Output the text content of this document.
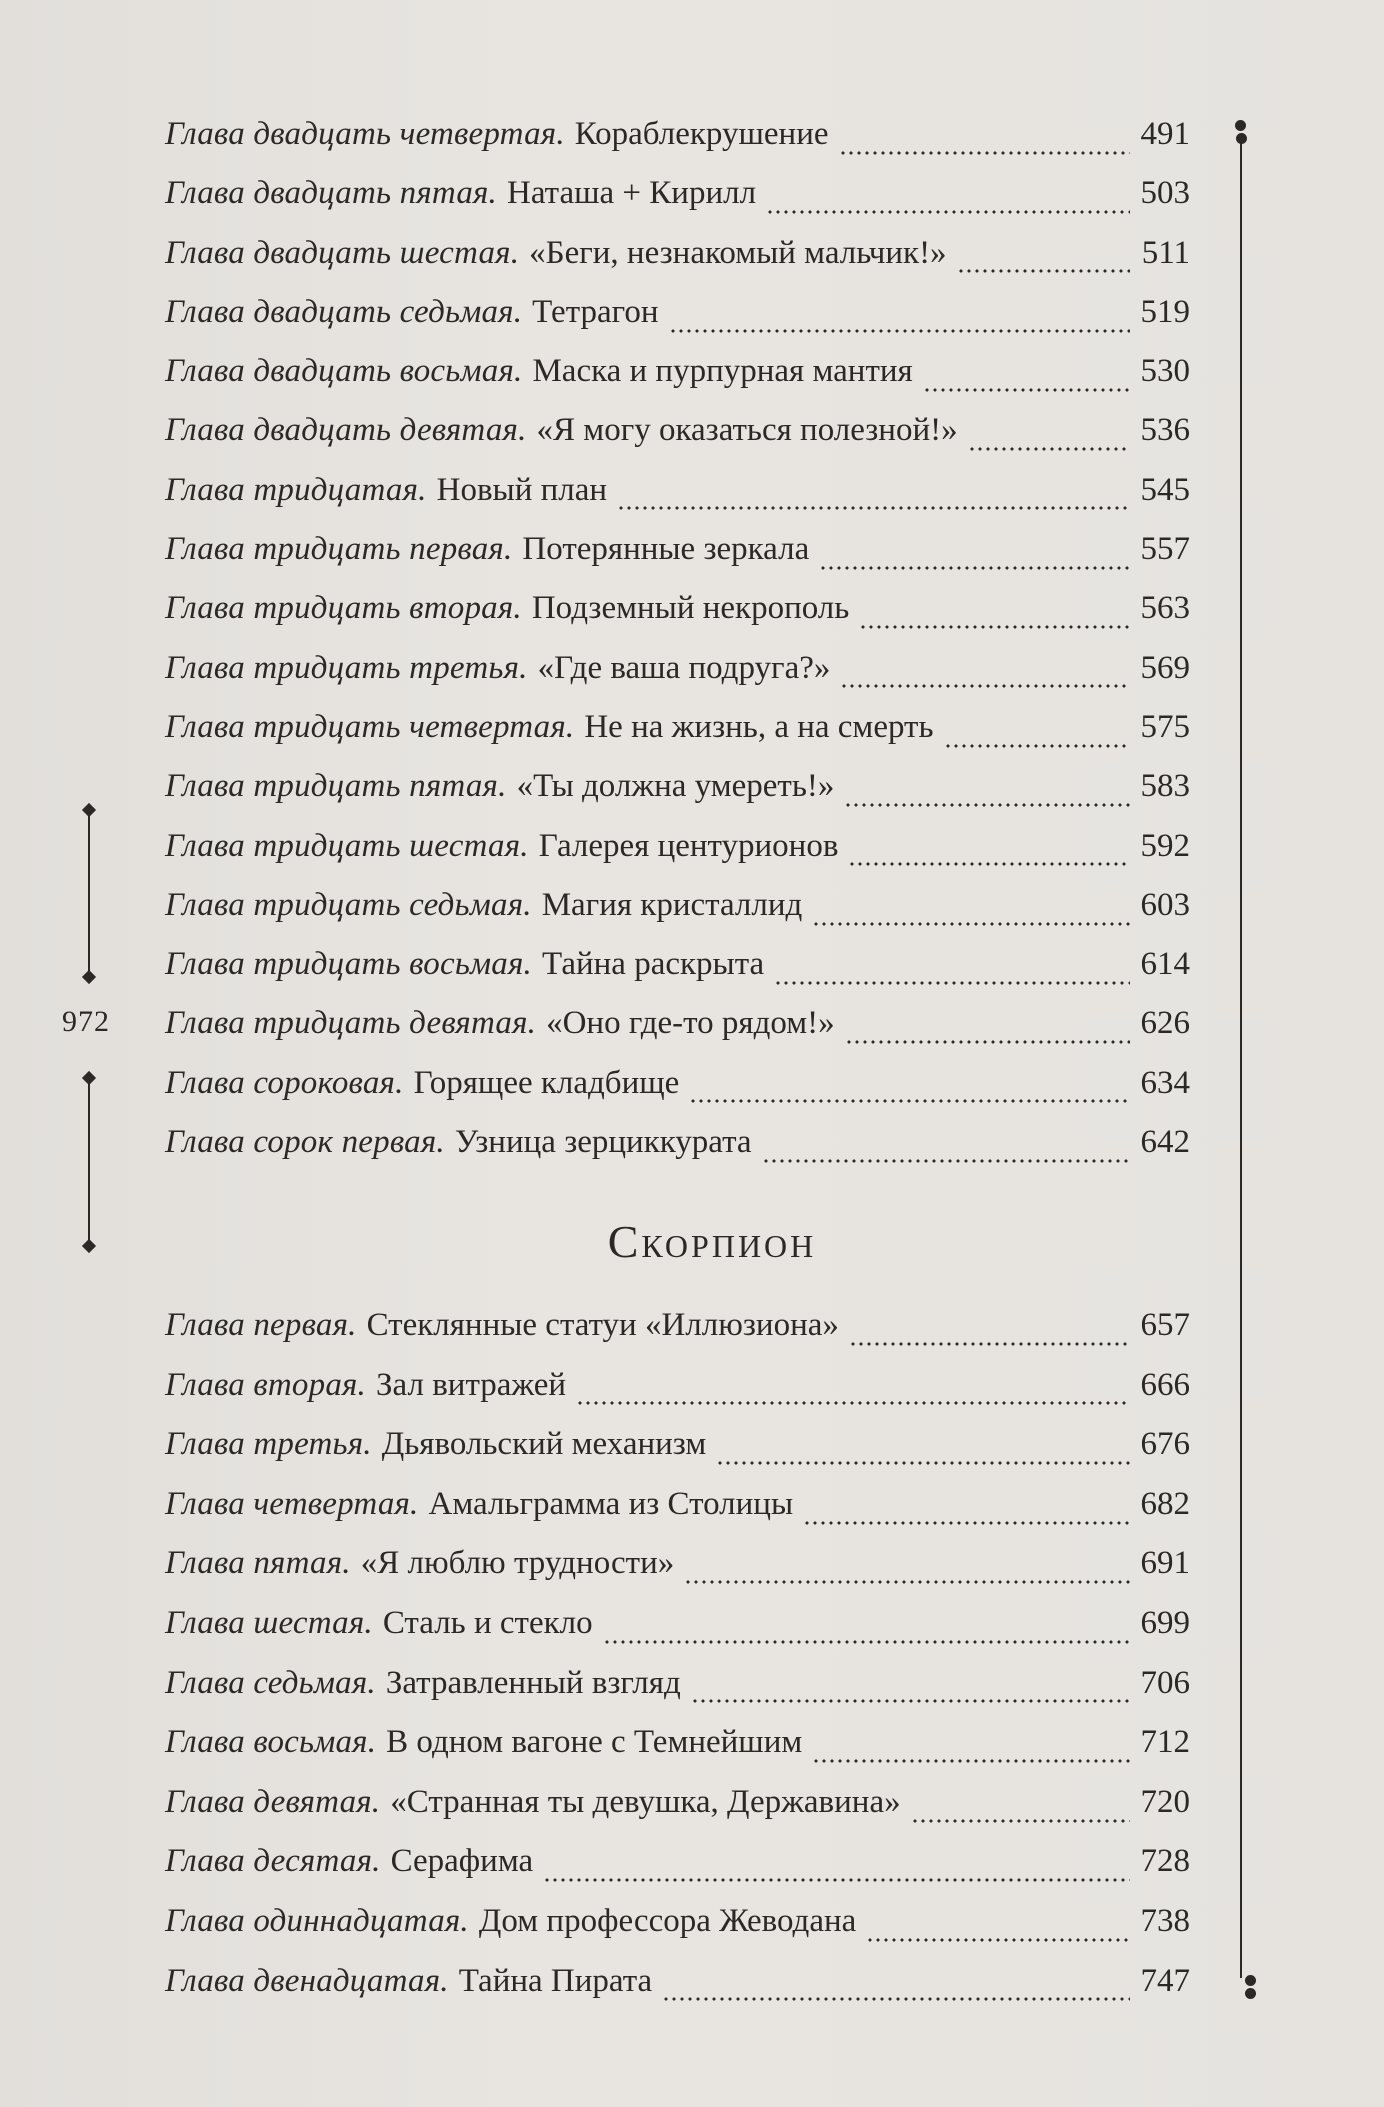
Глава двадцать четвертая. Кораблекрушение	491
Глава двадцать пятая. Наташа + Кирилл	503
Глава двадцать шестая. «Беги, незнакомый мальчик!»	511
Глава двадцать седьмая. Тетрагон	519
Глава двадцать восьмая. Маска и пурпурная мантия	530
Глава двадцать девятая. «Я могу оказаться полезной!»	536
Глава тридцатая. Новый план	545
Глава тридцать первая. Потерянные зеркала	557
Глава тридцать вторая. Подземный некрополь	563
Глава тридцать третья. «Где ваша подруга?»	569
Глава тридцать четвертая. Не на жизнь, а на смерть	575
Глава тридцать пятая. «Ты должна умереть!»	583
Глава тридцать шестая. Галерея центурионов	592
Глава тридцать седьмая. Магия кристаллид	603
Глава тридцать восьмая. Тайна раскрыта	614
Глава тридцать девятая. «Оно где-то рядом!»	626
Глава сороковая. Горящее кладбище	634
Глава сорок первая. Узница зерциккурата	642
Скорпион
Глава первая. Стеклянные статуи «Иллюзиона»	657
Глава вторая. Зал витражей	666
Глава третья. Дьявольский механизм	676
Глава четвертая. Амальграмма из Столицы	682
Глава пятая. «Я люблю трудности»	691
Глава шестая. Сталь и стекло	699
Глава седьмая. Затравленный взгляд	706
Глава восьмая. В одном вагоне с Темнейшим	712
Глава девятая. «Странная ты девушка, Державина»	720
Глава десятая. Серафима	728
Глава одиннадцатая. Дом профессора Жеводана	738
Глава двенадцатая. Тайна Пирата	747
972
